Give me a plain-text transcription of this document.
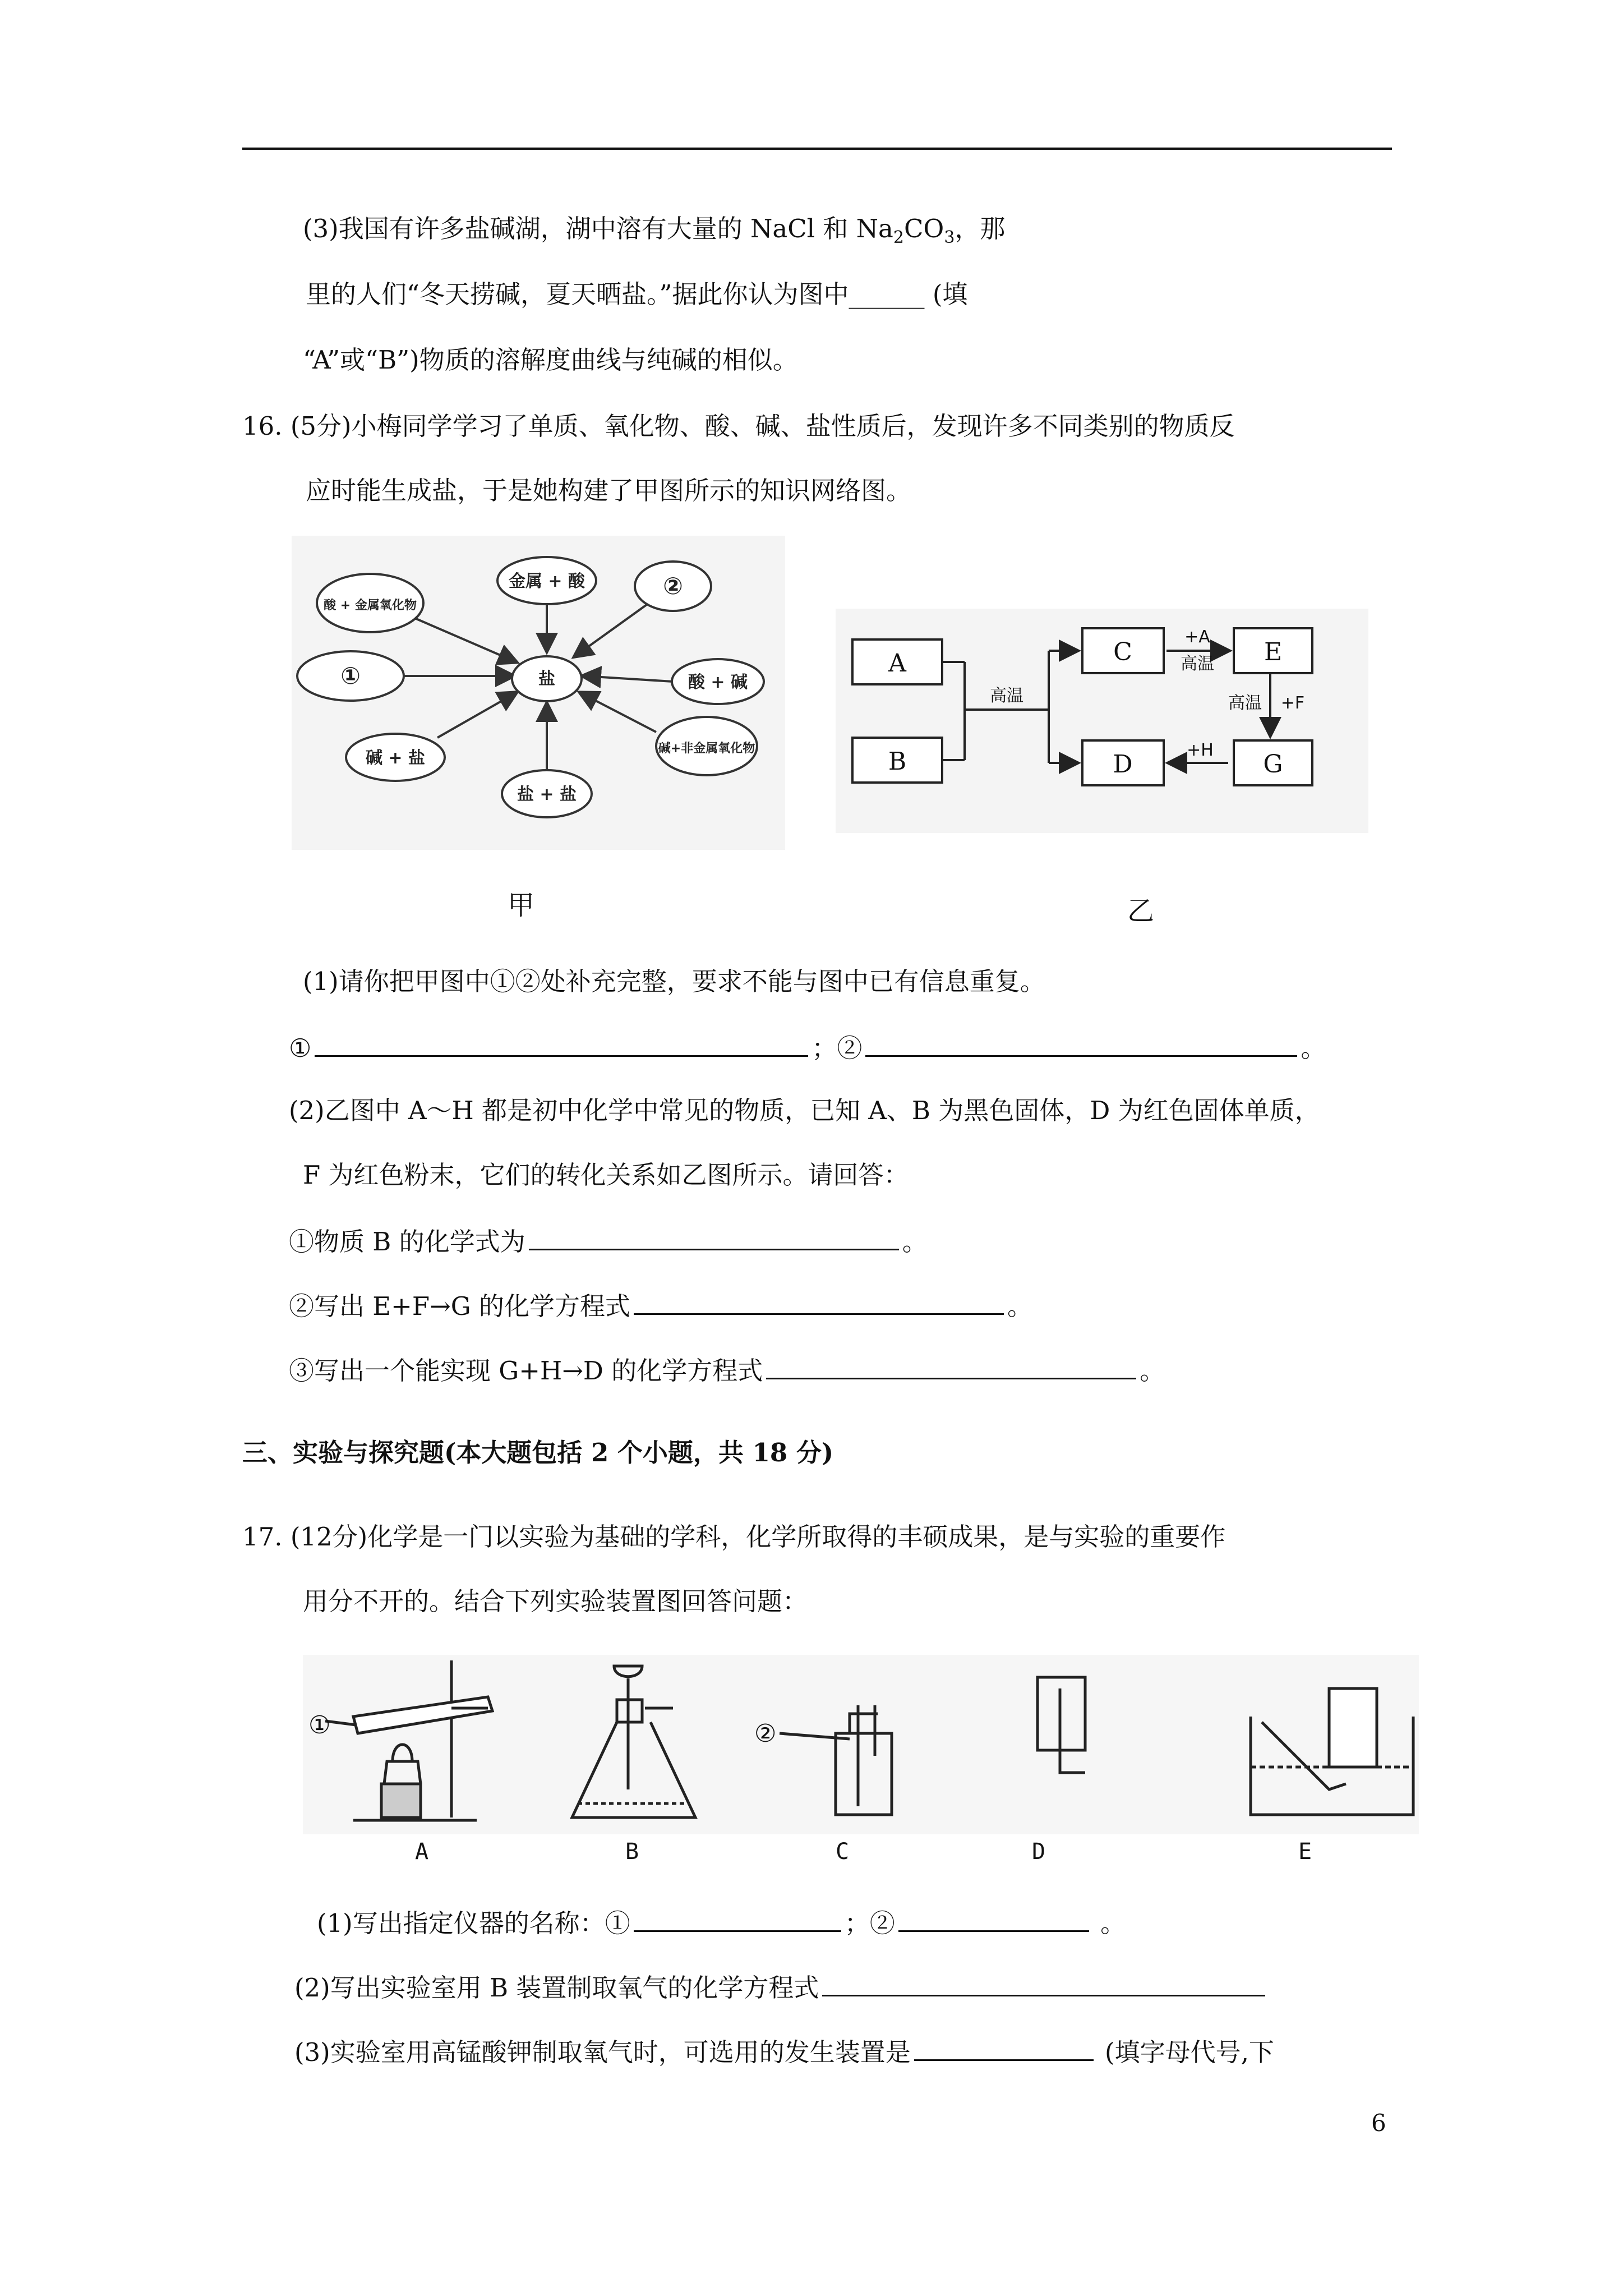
(3)我国有许多盐碱湖，湖中溶有大量的 NaCl 和 $Na_2CO_3$，那
里的人们“冬天捞碱，夏天晒盐。”据此你认为图中______ (填
“A”或“B”)物质的溶解度曲线与纯碱的相似。
16. (5分)小梅同学学习了单质、氧化物、酸、碱、盐性质后，发现许多不同类别的物质反
应时能生成盐，于是她构建了甲图所示的知识网络图。
盐
金属 + 酸	②
酸 + 碱
碱+非金属氧化物
盐 + 盐
碱 + 盐
①
酸 + 金属氧化物
甲
A
B
C
D
E
G
高温
+A
高温
高温 +F
+H
乙
(1)请你把甲图中①②处补充完整，要求不能与图中已有信息重复。
①	；②	。
(2)乙图中 A～H 都是初中化学中常见的物质，已知 A、B 为黑色固体，D 为红色固体单质，
F 为红色粉末，它们的转化关系如乙图所示。请回答：
①物质 B 的化学式为	。
②写出 E+F→G 的化学方程式	。
③写出一个能实现 G+H→D 的化学方程式	。
三、实验与探究题(本大题包括 2 个小题，共 18 分)
17. (12分)化学是一门以实验为基础的学科，化学所取得的丰硕成果，是与实验的重要作
用分不开的。结合下列实验装置图回答问题：
①	②
A	B	C	D	E
(1)写出指定仪器的名称：①	；②	。
(2)写出实验室用 B 装置制取氧气的化学方程式
(3)实验室用高锰酸钾制取氧气时，可选用的发生装置是	(填字母代号,下
6
